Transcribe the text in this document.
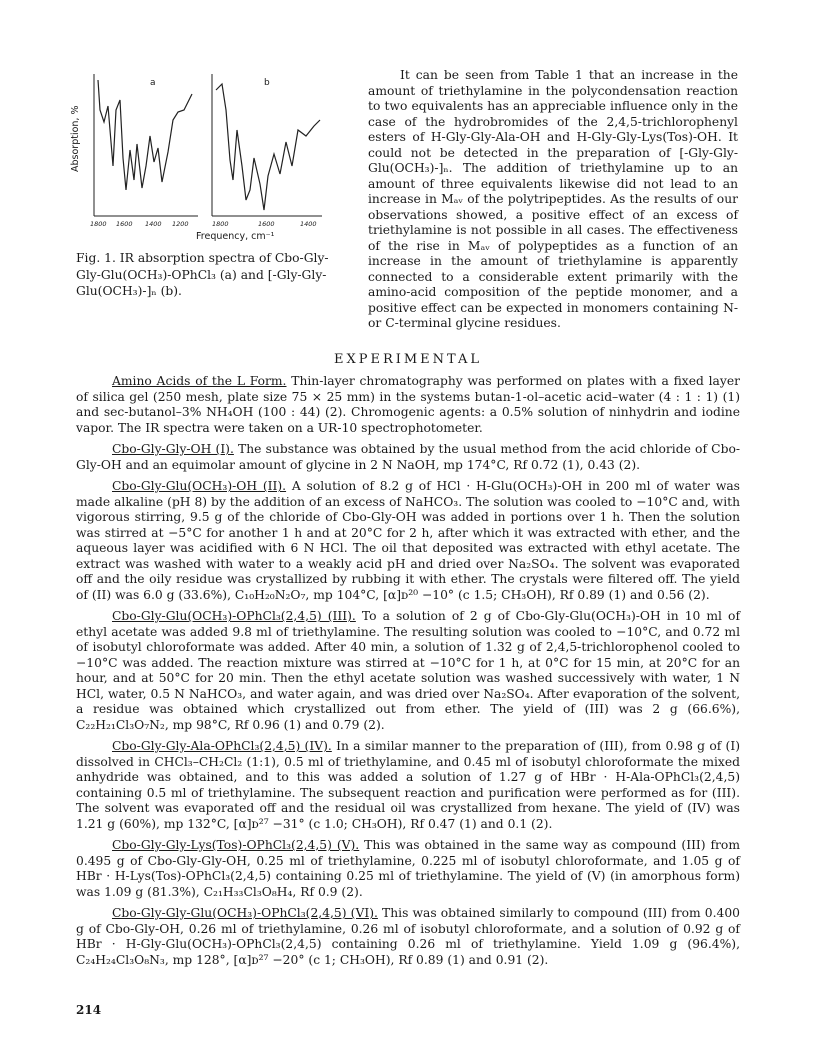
a	b
Absorption, %
1800 1600 1400 1200	1800	1600	1400
Frequency, cm⁻¹
Fig. 1. IR absorption spectra of Cbo-Gly-Gly-Glu(OCH₃)-OPhCl₃ (a) and [-Gly-Gly-Glu(OCH₃)-]ₙ (b).

It can be seen from Table 1 that an increase in the amount of triethylamine in the polycondensation reaction to two equivalents has an appreciable influence only in the case of the hydrobromides of the 2,4,5-trichlorophenyl esters of H-Gly-Gly-Ala-OH and H-Gly-Gly-Lys(Tos)-OH. It could not be detected in the preparation of [-Gly-Gly-Glu(OCH₃)-]ₙ. The addition of triethylamine up to an amount of three equivalents likewise did not lead to an increase in Mₐᵥ of the polytripeptides. As the results of our observations showed, a positive effect of an excess of triethylamine is not possible in all cases. The effectiveness of the rise in Mₐᵥ of polypeptides as a function of an increase in the amount of triethylamine is apparently connected to a considerable extent primarily with the amino-acid composition of the peptide monomer, and a positive effect can be expected in monomers containing N- or C-terminal glycine residues.

EXPERIMENTAL

Amino Acids of the L Form. Thin-layer chromatography was performed on plates with a fixed layer of silica gel (250 mesh, plate size 75 × 25 mm) in the systems butan-1-ol–acetic acid–water (4 : 1 : 1) (1) and sec-butanol–3% NH₄OH (100 : 44) (2). Chromogenic agents: a 0.5% solution of ninhydrin and iodine vapor. The IR spectra were taken on a UR-10 spectrophotometer.

Cbo-Gly-Gly-OH (I). The substance was obtained by the usual method from the acid chloride of Cbo-Gly-OH and an equimolar amount of glycine in 2 N NaOH, mp 174°C, Rf 0.72 (1), 0.43 (2).

Cbo-Gly-Glu(OCH₃)-OH (II). A solution of 8.2 g of HCl · H-Glu(OCH₃)-OH in 200 ml of water was made alkaline (pH 8) by the addition of an excess of NaHCO₃. The solution was cooled to −10°C and, with vigorous stirring, 9.5 g of the chloride of Cbo-Gly-OH was added in portions over 1 h. Then the solution was stirred at −5°C for another 1 h and at 20°C for 2 h, after which it was extracted with ether, and the aqueous layer was acidified with 6 N HCl. The oil that deposited was extracted with ethyl acetate. The extract was washed with water to a weakly acid pH and dried over Na₂SO₄. The solvent was evaporated off and the oily residue was crystallized by rubbing it with ether. The crystals were filtered off. The yield of (II) was 6.0 g (33.6%), C₁₀H₂₀N₂O₇, mp 104°C, [α]ᴅ²⁰ −10° (c 1.5; CH₃OH), Rf 0.89 (1) and 0.56 (2).

Cbo-Gly-Glu(OCH₃)-OPhCl₃(2,4,5) (III). To a solution of 2 g of Cbo-Gly-Glu(OCH₃)-OH in 10 ml of ethyl acetate was added 9.8 ml of triethylamine. The resulting solution was cooled to −10°C, and 0.72 ml of isobutyl chloroformate was added. After 40 min, a solution of 1.32 g of 2,4,5-trichlorophenol cooled to −10°C was added. The reaction mixture was stirred at −10°C for 1 h, at 0°C for 15 min, at 20°C for an hour, and at 50°C for 20 min. Then the ethyl acetate solution was washed successively with water, 1 N HCl, water, 0.5 N NaHCO₃, and water again, and was dried over Na₂SO₄. After evaporation of the solvent, a residue was obtained which crystallized out from ether. The yield of (III) was 2 g (66.6%), C₂₂H₂₁Cl₃O₇N₂, mp 98°C, Rf 0.96 (1) and 0.79 (2).

Cbo-Gly-Gly-Ala-OPhCl₃(2,4,5) (IV). In a similar manner to the preparation of (III), from 0.98 g of (I) dissolved in CHCl₃–CH₂Cl₂ (1:1), 0.5 ml of triethylamine, and 0.45 ml of isobutyl chloroformate the mixed anhydride was obtained, and to this was added a solution of 1.27 g of HBr · H-Ala-OPhCl₃(2,4,5) containing 0.5 ml of triethylamine. The subsequent reaction and purification were performed as for (III). The solvent was evaporated off and the residual oil was crystallized from hexane. The yield of (IV) was 1.21 g (60%), mp 132°C, [α]ᴅ²⁷ −31° (c 1.0; CH₃OH), Rf 0.47 (1) and 0.1 (2).

Cbo-Gly-Gly-Lys(Tos)-OPhCl₃(2,4,5) (V). This was obtained in the same way as compound (III) from 0.495 g of Cbo-Gly-Gly-OH, 0.25 ml of triethylamine, 0.225 ml of isobutyl chloroformate, and 1.05 g of HBr · H-Lys(Tos)-OPhCl₃(2,4,5) containing 0.25 ml of triethylamine. The yield of (V) (in amorphous form) was 1.09 g (81.3%), C₂₁H₃₃Cl₃O₈H₄, Rf 0.9 (2).

Cbo-Gly-Gly-Glu(OCH₃)-OPhCl₃(2,4,5) (VI). This was obtained similarly to compound (III) from 0.400 g of Cbo-Gly-OH, 0.26 ml of triethylamine, 0.26 ml of isobutyl chloroformate, and a solution of 0.92 g of HBr · H-Gly-Glu(OCH₃)-OPhCl₃(2,4,5) containing 0.26 ml of triethylamine. Yield 1.09 g (96.4%), C₂₄H₂₄Cl₃O₈N₃, mp 128°, [α]ᴅ²⁷ −20° (c 1; CH₃OH), Rf 0.89 (1) and 0.91 (2).

214
